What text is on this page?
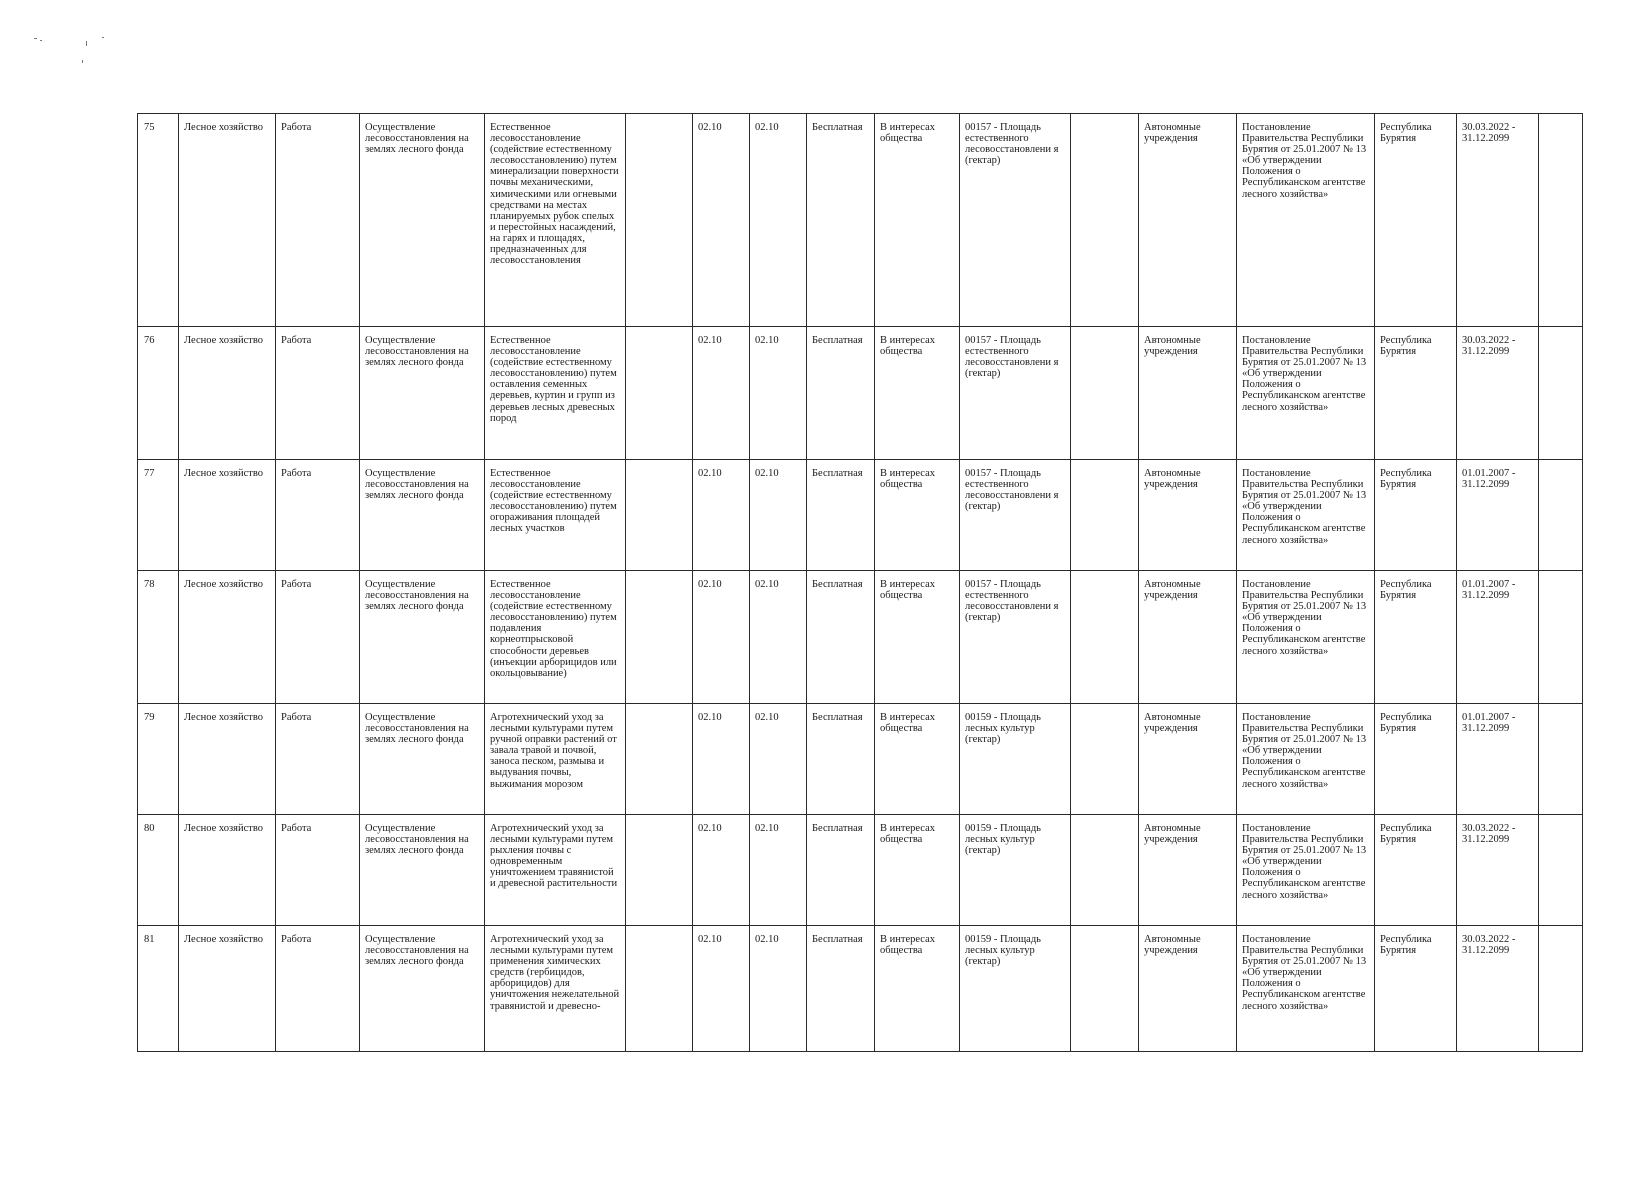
75	Лесное хозяйство	Работа	Осуществление лесовосстановления на землях лесного фонда	Естественное лесовосстановление (содействие естественному лесовосстановлению) путем минерализации поверхности почвы механическими, химическими или огневыми средствами на местах планируемых рубок спелых и перестойных насаждений, на гарях и площадях, предназначенных для лесовосстановления		02.10	02.10	Бесплатная	В интересах общества	00157 - Площадь естественного лесовосстановлени я (гектар)		Автономные учреждения	Постановление Правительства Республики Бурятия от 25.01.2007 № 13 «Об утверждении Положения о Республиканском агентстве лесного хозяйства»	Республика Бурятия	30.03.2022 - 31.12.2099	
76	Лесное хозяйство	Работа	Осуществление лесовосстановления на землях лесного фонда	Естественное лесовосстановление (содействие естественному лесовосстановлению) путем оставления семенных деревьев, куртин и групп из деревьев лесных древесных пород		02.10	02.10	Бесплатная	В интересах общества	00157 - Площадь естественного лесовосстановлени я (гектар)		Автономные учреждения	Постановление Правительства Республики Бурятия от 25.01.2007 № 13 «Об утверждении Положения о Республиканском агентстве лесного хозяйства»	Республика Бурятия	30.03.2022 - 31.12.2099	
77	Лесное хозяйство	Работа	Осуществление лесовосстановления на землях лесного фонда	Естественное лесовосстановление (содействие естественному лесовосстановлению) путем огораживания площадей лесных участков		02.10	02.10	Бесплатная	В интересах общества	00157 - Площадь естественного лесовосстановлени я (гектар)		Автономные учреждения	Постановление Правительства Республики Бурятия от 25.01.2007 № 13 «Об утверждении Положения о Республиканском агентстве лесного хозяйства»	Республика Бурятия	01.01.2007 - 31.12.2099	
78	Лесное хозяйство	Работа	Осуществление лесовосстановления на землях лесного фонда	Естественное лесовосстановление (содействие естественному лесовосстановлению) путем подавления корнеотпрысковой способности деревьев (инъекции арборицидов или окольцовывание)		02.10	02.10	Бесплатная	В интересах общества	00157 - Площадь естественного лесовосстановлени я (гектар)		Автономные учреждения	Постановление Правительства Республики Бурятия от 25.01.2007 № 13 «Об утверждении Положения о Республиканском агентстве лесного хозяйства»	Республика Бурятия	01.01.2007 - 31.12.2099	
79	Лесное хозяйство	Работа	Осуществление лесовосстановления на землях лесного фонда	Агротехнический уход за лесными культурами путем ручной оправки растений от завала травой и почвой, заноса песком, размыва и выдувания почвы, выжимания морозом		02.10	02.10	Бесплатная	В интересах общества	00159 - Площадь лесных культур (гектар)		Автономные учреждения	Постановление Правительства Республики Бурятия от 25.01.2007 № 13 «Об утверждении Положения о Республиканском агентстве лесного хозяйства»	Республика Бурятия	01.01.2007 - 31.12.2099	
80	Лесное хозяйство	Работа	Осуществление лесовосстановления на землях лесного фонда	Агротехнический уход за лесными культурами путем рыхления почвы с одновременным уничтожением травянистой и древесной растительности		02.10	02.10	Бесплатная	В интересах общества	00159 - Площадь лесных культур (гектар)		Автономные учреждения	Постановление Правительства Республики Бурятия от 25.01.2007 № 13 «Об утверждении Положения о Республиканском агентстве лесного хозяйства»	Республика Бурятия	30.03.2022 - 31.12.2099	
81	Лесное хозяйство	Работа	Осуществление лесовосстановления на землях лесного фонда	Агротехнический уход за лесными культурами путем применения химических средств (гербицидов, арборицидов) для уничтожения нежелательной травянистой и древесно-		02.10	02.10	Бесплатная	В интересах общества	00159 - Площадь лесных культур (гектар)		Автономные учреждения	Постановление Правительства Республики Бурятия от 25.01.2007 № 13 «Об утверждении Положения о Республиканском агентстве лесного хозяйства»	Республика Бурятия	30.03.2022 - 31.12.2099	
